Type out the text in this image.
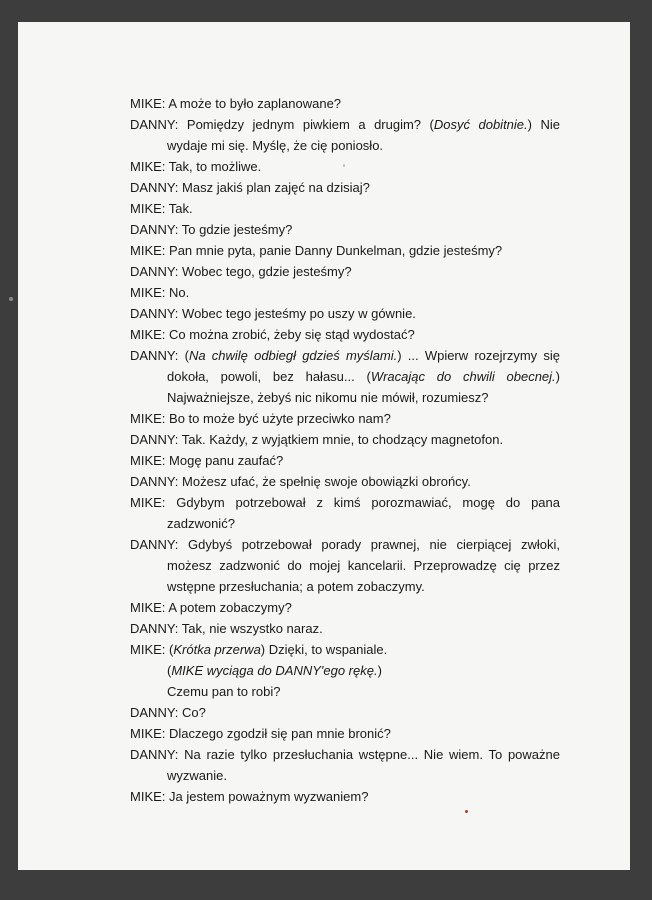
MIKE: A może to było zaplanowane?
DANNY: Pomiędzy jednym piwkiem a drugim? (Dosyć dobitnie.) Nie wydaje mi się. Myślę, że cię poniosło.
MIKE: Tak, to możliwe.
DANNY: Masz jakiś plan zajęć na dzisiaj?
MIKE: Tak.
DANNY: To gdzie jesteśmy?
MIKE: Pan mnie pyta, panie Danny Dunkelman, gdzie jesteśmy?
DANNY: Wobec tego, gdzie jesteśmy?
MIKE: No.
DANNY: Wobec tego jesteśmy po uszy w gównie.
MIKE: Co można zrobić, żeby się stąd wydostać?
DANNY: (Na chwilę odbiegł gdzieś myślami.) ... Wpierw rozejrzymy się dokoła, powoli, bez hałasu... (Wracając do chwili obecnej.) Najważniejsze, żebyś nic nikomu nie mówił, rozumiesz?
MIKE: Bo to może być użyte przeciwko nam?
DANNY: Tak. Każdy, z wyjątkiem mnie, to chodzący magnetofon.
MIKE: Mogę panu zaufać?
DANNY: Możesz ufać, że spełnię swoje obowiązki obrońcy.
MIKE: Gdybym potrzebował z kimś porozmawiać, mogę do pana zadzwonić?
DANNY: Gdybyś potrzebował porady prawnej, nie cierpiącej zwłoki, możesz zadzwonić do mojej kancelarii. Przeprowadzę cię przez wstępne przesłuchania; a potem zobaczymy.
MIKE: A potem zobaczymy?
DANNY: Tak, nie wszystko naraz.
MIKE: (Krótka przerwa) Dzięki, to wspaniale.
(MIKE wyciąga do DANNY'ego rękę.)
Czemu pan to robi?
DANNY: Co?
MIKE: Dlaczego zgodził się pan mnie bronić?
DANNY: Na razie tylko przesłuchania wstępne... Nie wiem. To poważne wyzwanie.
MIKE: Ja jestem poważnym wyzwaniem?
